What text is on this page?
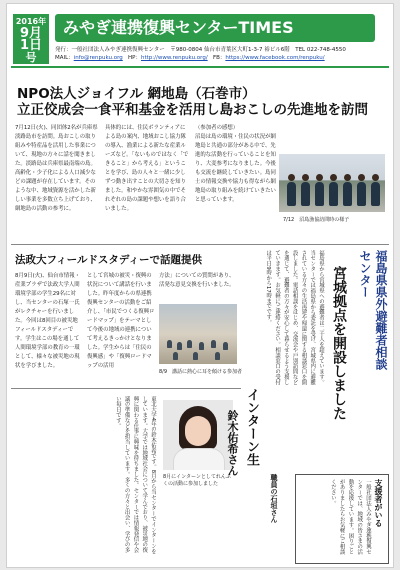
2016年
9月
1日
号
みやぎ連携復興センターTIMES
発行：一般社団法人みやぎ連携復興センター　〒980-0804 仙台市青葉区大町1-3-7 裕ビル6階　TEL 022-748-4550
MAIL：info@renpuku.org HP：http://www.renpuku.org/ FB：https://www.facebook.com/renpuku/
NPO法人ジョイフル 網地島（石巻市）
立正佼成会一食平和基金を活用し島おこしの先進地を訪問
7月12日(火)、同団体2名が兵庫県淡路島市を訪問。島おこしの取り組みや特産品を活用した事業について、現地の方々に話を聞きました。淡路島は兵庫県最南端の島。高齢化・少子化による人口減少などの課題が存在しています。そのような中、地域資源を活かした新しい事業を多数立ち上げており、網地島の活動の参考に。
具体的には、住民ボランティアによる島の案内、地域おこし協力隊の導入、漁業による新たな産業ルーズなど。「ないものではなく「できること」から考える」ということを学び、島の人々と一緒に少しずつ動き出すことの大切さを知りました。和やかな雰囲気の中でそれぞれの島の課題や想いを語り合いました。
（参加者の感想）
沼島は島の環境・住民の状況が網地島と共通の部分がある中で、先進的な活動を行っていることを知り、大変参考になりました。今後も交流を継続していきたい。島同士の情報交換や協力も得ながら網地島の取り組みを続けていきたいと思っています。
7/12　沼島漁協訪問時の様子
法政大フィールドスタディーで話題提供
8月9日(火)、仙台市情報・産業プラザで法政大学人間環境学部の学生29名に対し、当センターの石塚一氏がレクチャーを行いました。今回は8回目の被災地フィールドスタディーです。学生はこの場を通して人間環境学部の教育の一環として、様々な被災地の現状を学びました。
として宮城の被災・復興の状況について講話を行いました。昨年度からの県連携復興センターの活動をご紹介し、「市民でつくる復興ロードマップ」をテーマとして今後の地域の連携について考えるきっかけとなりました。学生からは「住民の復興感」や「復興ロードマップの活用
方法」についての質問があり、活発な意見交換を行いました。
8/9　講話に熱心に耳を傾ける参加者
福島県県外避難者相談センター
宮城拠点を開設しました
福島県から宮城県への避難者は二千人を超えています。当センターでは福島県から委託を受け、宮城県内に避難されている方々の生活再建や帰還に関する相談窓口を開設しました。電話相談をはじめ、交流会や戸別訪問などを通じて、避難者の方々が安心して暮らせるよう支援していきます。お気軽にご連絡ください。相談窓口の受付は平日9時から17時までです。
東北大学4年の鈴木佑希です。8月から当センターでインターンをしています。大学では地域社会について学んでおり、被災地の復興に関わる仕事に興味を持ちました。センターでは情報発信や会議の準備などを担当しています。多くの方々と出会い、学びの多い毎日です。
8月にインターンとしてれんぷくの活動に参加しました
インターン生
鈴木佑希さん
職員の石垣さん	支援者がいる
一般社団法人みやぎ連携復興センターでは、地域の皆さまの活動を応援しています。困りごとがありましたらお気軽にご相談ください。
